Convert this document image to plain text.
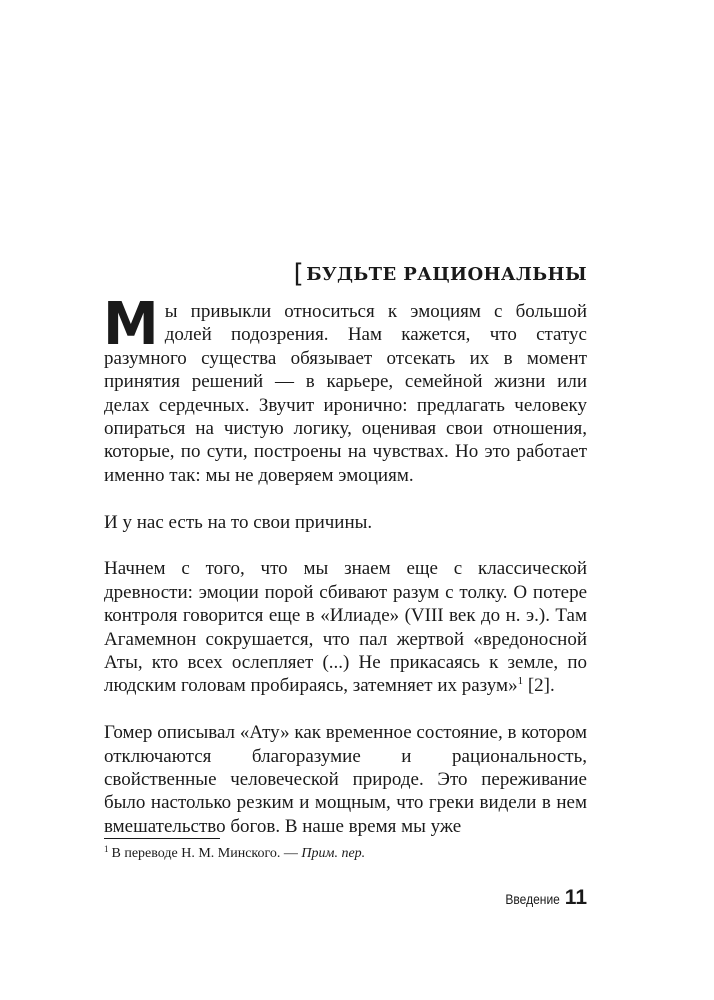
[ БУДЬТЕ РАЦИОНАЛЬНЫ

Мы привыкли относиться к эмоциям с большой долей подозрения. Нам кажется, что статус разумного существа обязывает отсекать их в момент принятия решений — в карьере, семейной жизни или делах сердечных. Звучит иронично: предлагать человеку опираться на чистую логику, оценивая свои отношения, которые, по сути, построены на чувствах. Но это работает именно так: мы не доверяем эмоциям.

И у нас есть на то свои причины.

Начнем с того, что мы знаем еще с классической древности: эмоции порой сбивают разум с толку. О потере контроля говорится еще в «Илиаде» (VIII век до н. э.). Там Агамемнон сокрушается, что пал жертвой «вредоносной Аты, кто всех ослепляет (...) Не прикасаясь к земле, по людским головам пробираясь, затемняет их разум»$^1$ [2].

Гомер описывал «Ату» как временное состояние, в котором отключаются благоразумие и рациональность, свойственные человеческой природе. Это переживание было настолько резким и мощным, что греки видели в нем вмешательство богов. В наше время мы уже

$^1$ В переводе Н. М. Минского. — Прим. пер.
Введение 11
